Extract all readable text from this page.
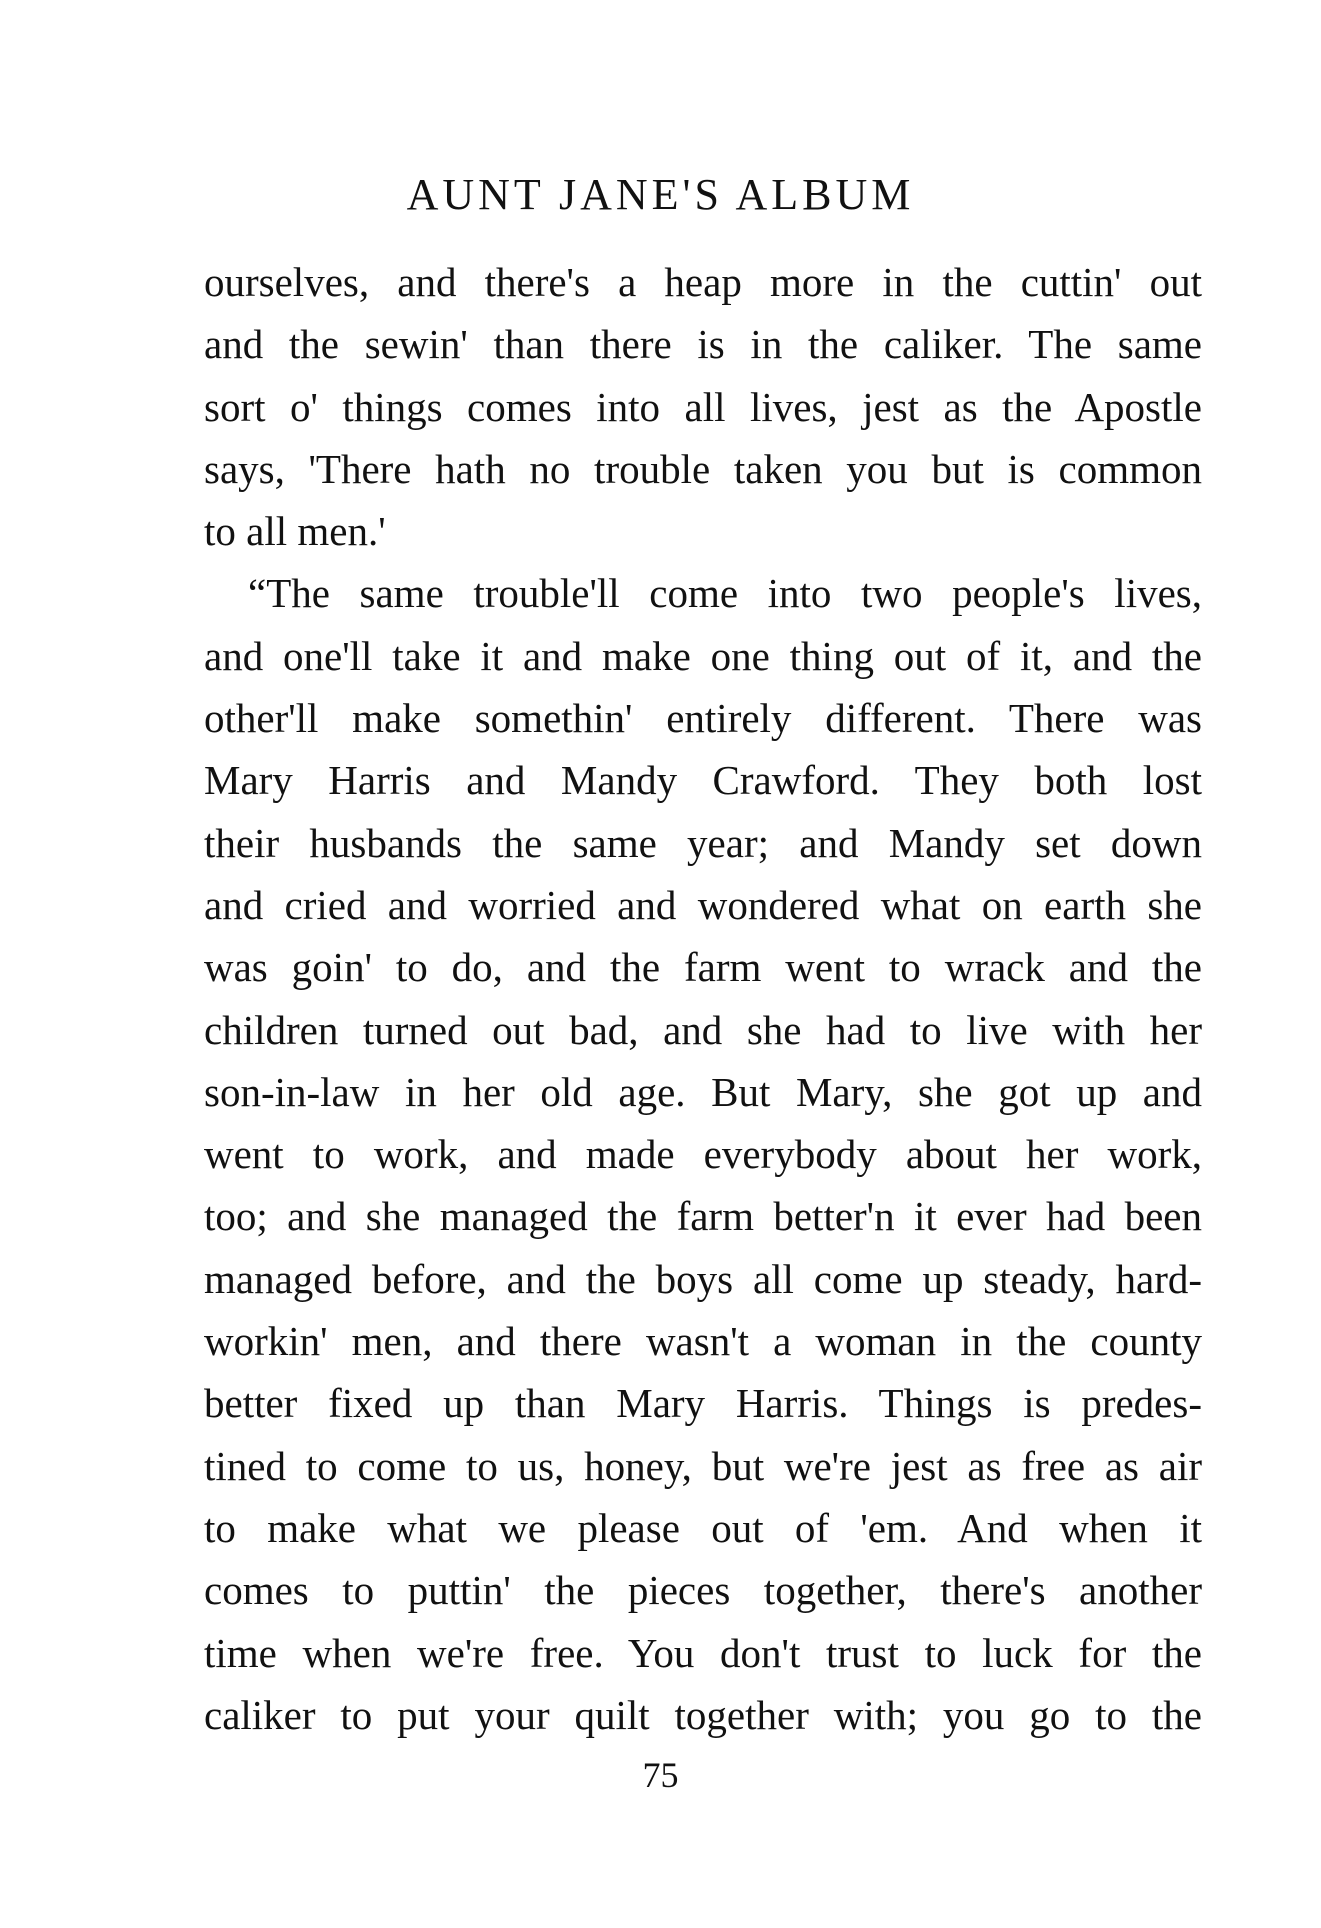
AUNT JANE'S ALBUM
ourselves, and there's a heap more in the cuttin' out
and the sewin' than there is in the caliker. The same
sort o' things comes into all lives, jest as the Apostle
says, 'There hath no trouble taken you but is common
to all men.'
“The same trouble'll come into two people's lives,
and one'll take it and make one thing out of it, and the
other'll make somethin' entirely different. There was
Mary Harris and Mandy Crawford. They both lost
their husbands the same year; and Mandy set down
and cried and worried and wondered what on earth she
was goin' to do, and the farm went to wrack and the
children turned out bad, and she had to live with her
son-in-law in her old age. But Mary, she got up and
went to work, and made everybody about her work,
too; and she managed the farm better'n it ever had been
managed before, and the boys all come up steady, hard-
workin' men, and there wasn't a woman in the county
better fixed up than Mary Harris. Things is predes-
tined to come to us, honey, but we're jest as free as air
to make what we please out of 'em. And when it
comes to puttin' the pieces together, there's another
time when we're free. You don't trust to luck for the
caliker to put your quilt together with; you go to the
75
